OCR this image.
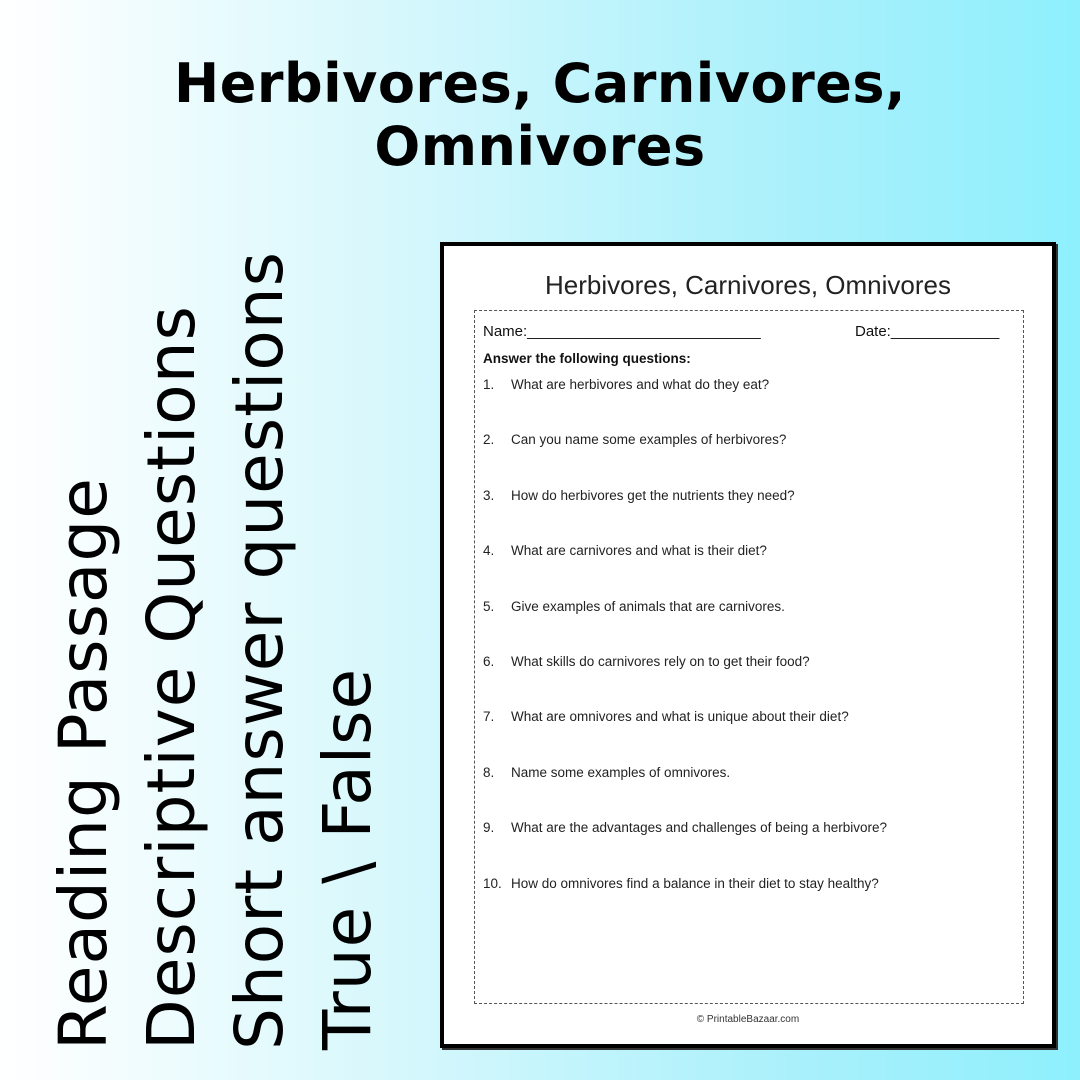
Herbivores, Carnivores, Omnivores
Reading Passage Descriptive Questions Short answer questions True \ False
Herbivores, Carnivores, Omnivores
Name:____________________________	Date:_____________
Answer the following questions:
1.	What are herbivores and what do they eat?
2.	Can you name some examples of herbivores?
3.	How do herbivores get the nutrients they need?
4.	What are carnivores and what is their diet?
5.	Give examples of animals that are carnivores.
6.	What skills do carnivores rely on to get their food?
7.	What are omnivores and what is unique about their diet?
8.	Name some examples of omnivores.
9.	What are the advantages and challenges of being a herbivore?
10. How do omnivores find a balance in their diet to stay healthy?
© PrintableBazaar.com
